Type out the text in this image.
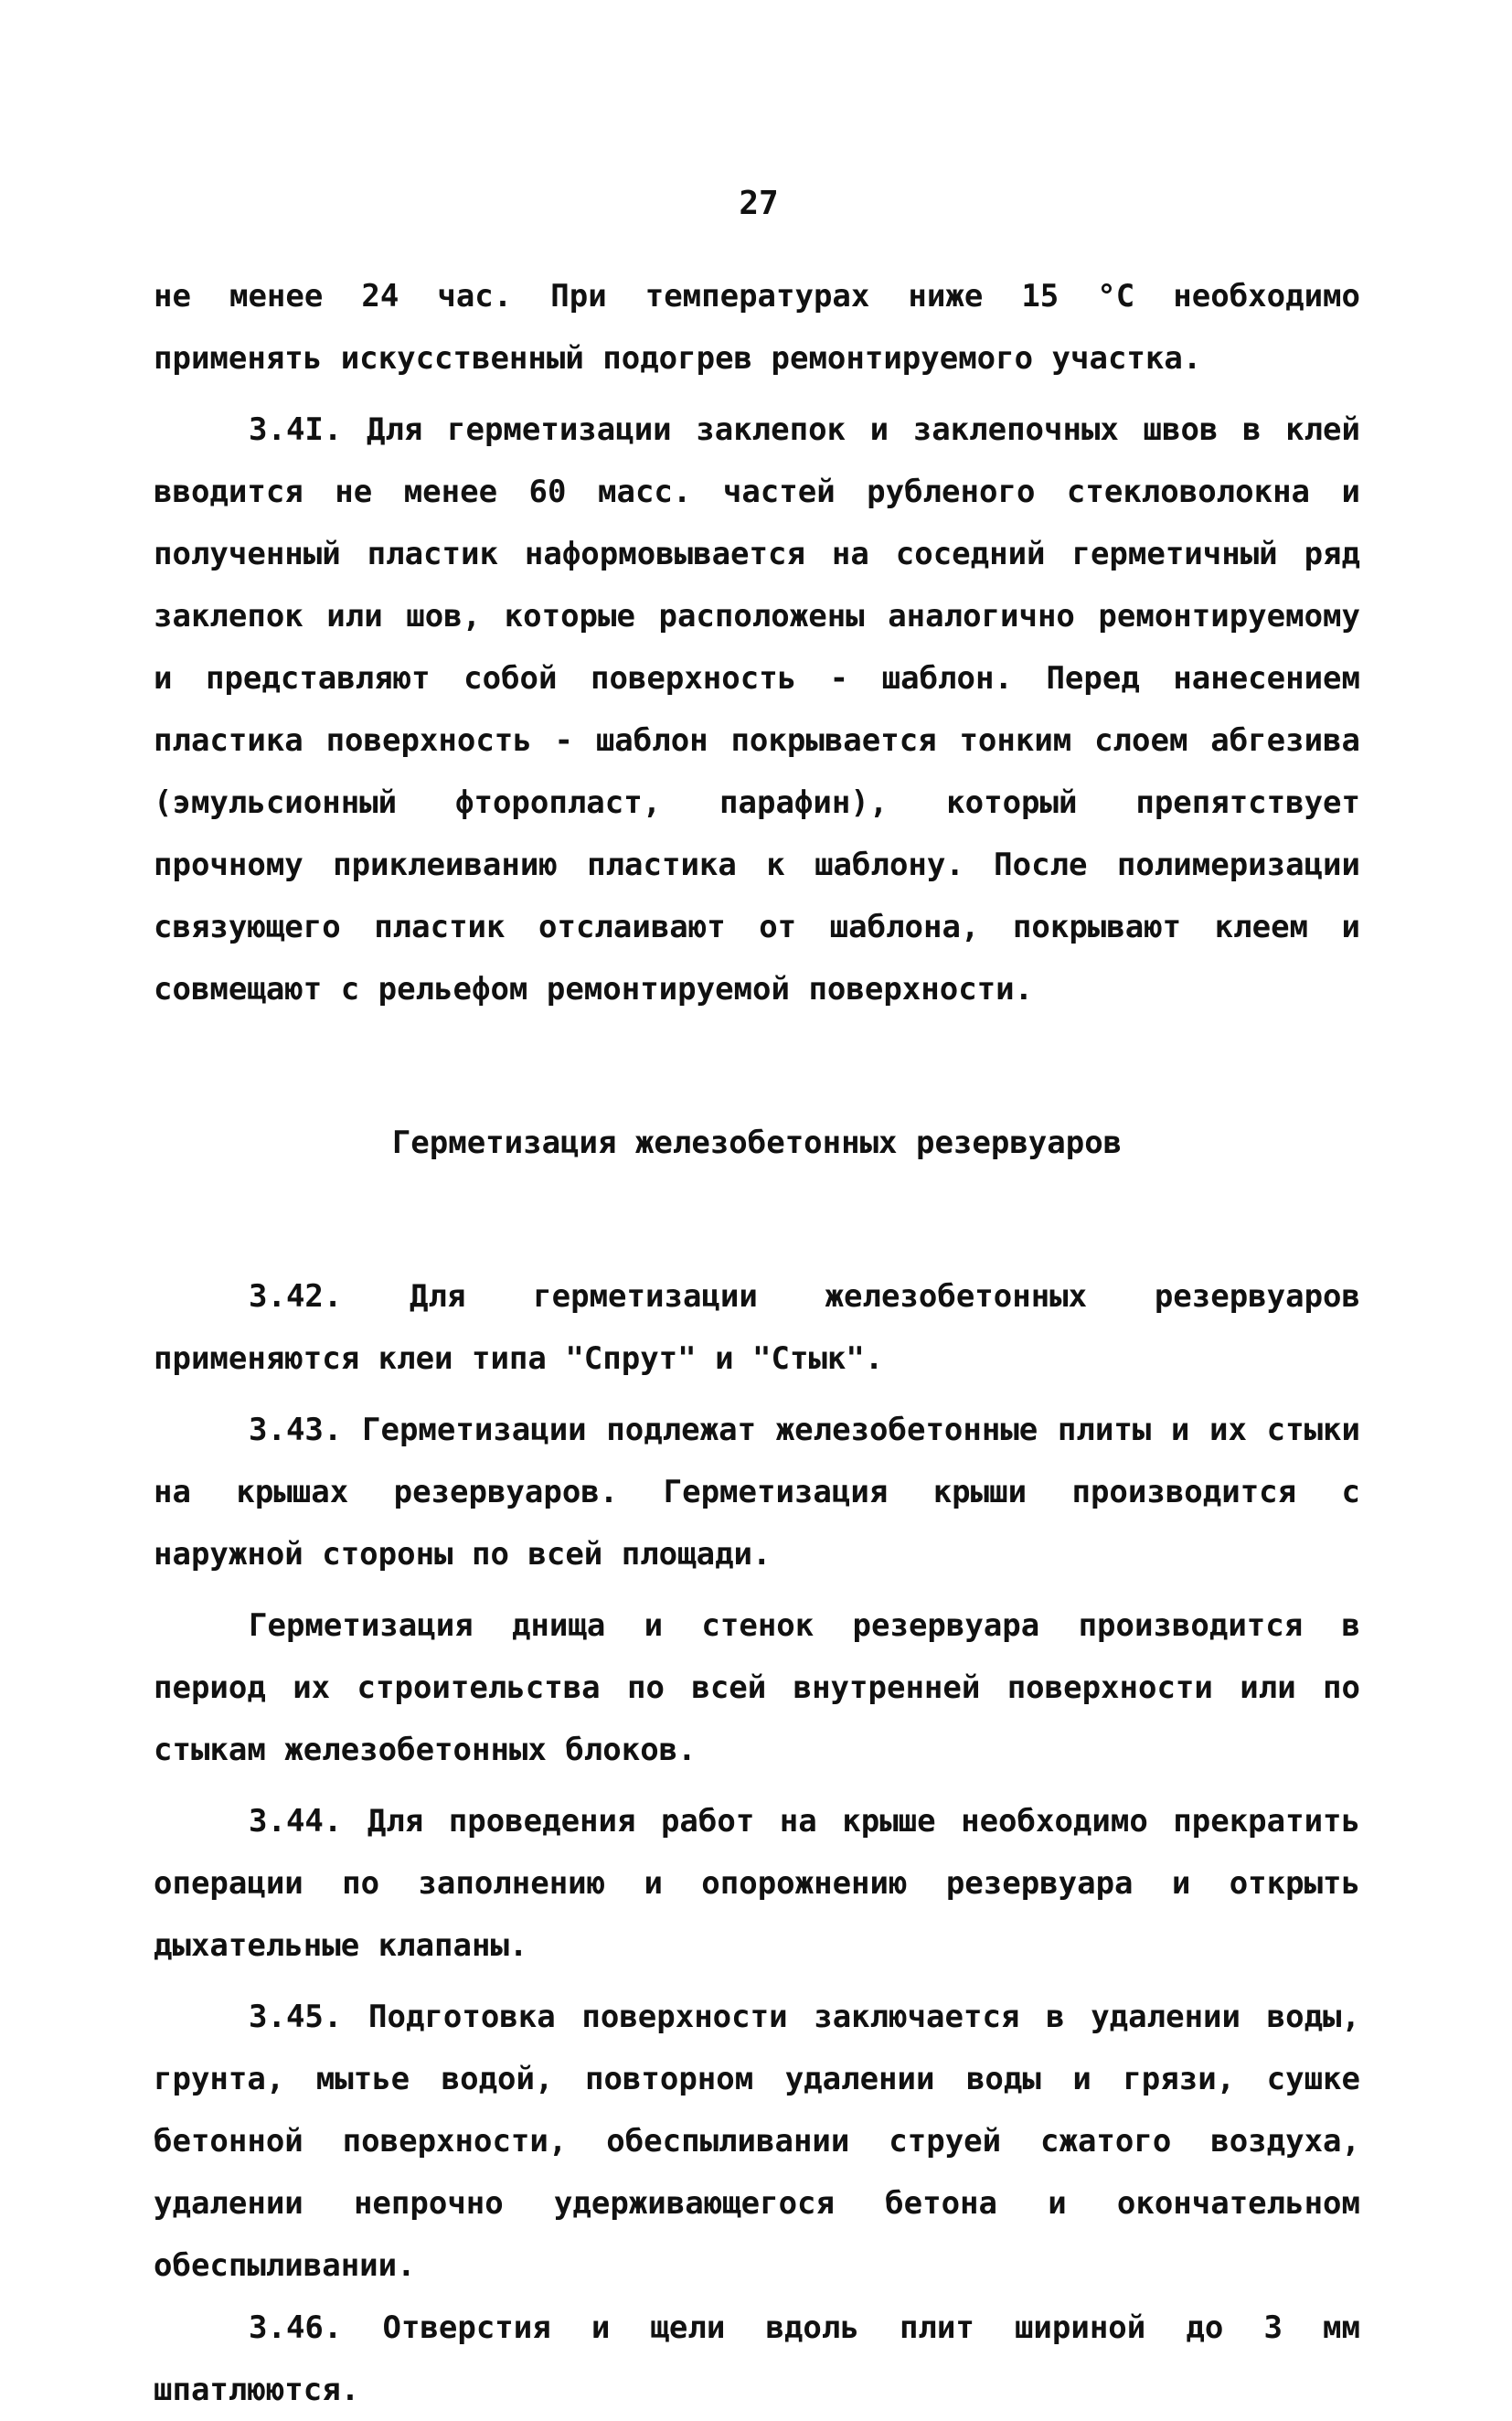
27

не менее 24 час. При температурах ниже 15 °С необходимо применять искусственный подогрев ремонтируемого участка.

3.4I. Для герметизации заклепок и заклепочных швов в клей вводится не менее 60 масс. частей рубленого стекловолокна и полученный пластик наформовывается на соседний герметичный ряд заклепок или шов, которые расположены аналогично ремонтируемому и представляют собой поверхность - шаблон. Перед нанесением пластика поверхность - шаблон покрывается тонким слоем абгезива (эмульсионный фторопласт, парафин), который препятствует прочному приклеиванию пластика к шаблону. После полимеризации связующего пластик отслаивают от шаблона, покрывают клеем и совмещают с рельефом ремонтируемой поверхности.

Герметизация железобетонных резервуаров

3.42. Для герметизации железобетонных резервуаров применяются клеи типа "Спрут" и "Стык".

3.43. Герметизации подлежат железобетонные плиты и их стыки на крышах резервуаров. Герметизация крыши производится с наружной стороны по всей площади.

Герметизация днища и стенок резервуара производится в период их строительства по всей внутренней поверхности или по стыкам железобетонных блоков.

3.44. Для проведения работ на крыше необходимо прекратить операции по заполнению и опорожнению резервуара и открыть дыхательные клапаны.

3.45. Подготовка поверхности заключается в удалении воды, грунта, мытье водой, повторном удалении воды и грязи, сушке бетонной поверхности, обеспыливании струей сжатого воздуха, удалении непрочно удерживающегося бетона и окончательном обеспыливании.

3.46. Отверстия и щели вдоль плит шириной до 3 мм шпатлюются.
